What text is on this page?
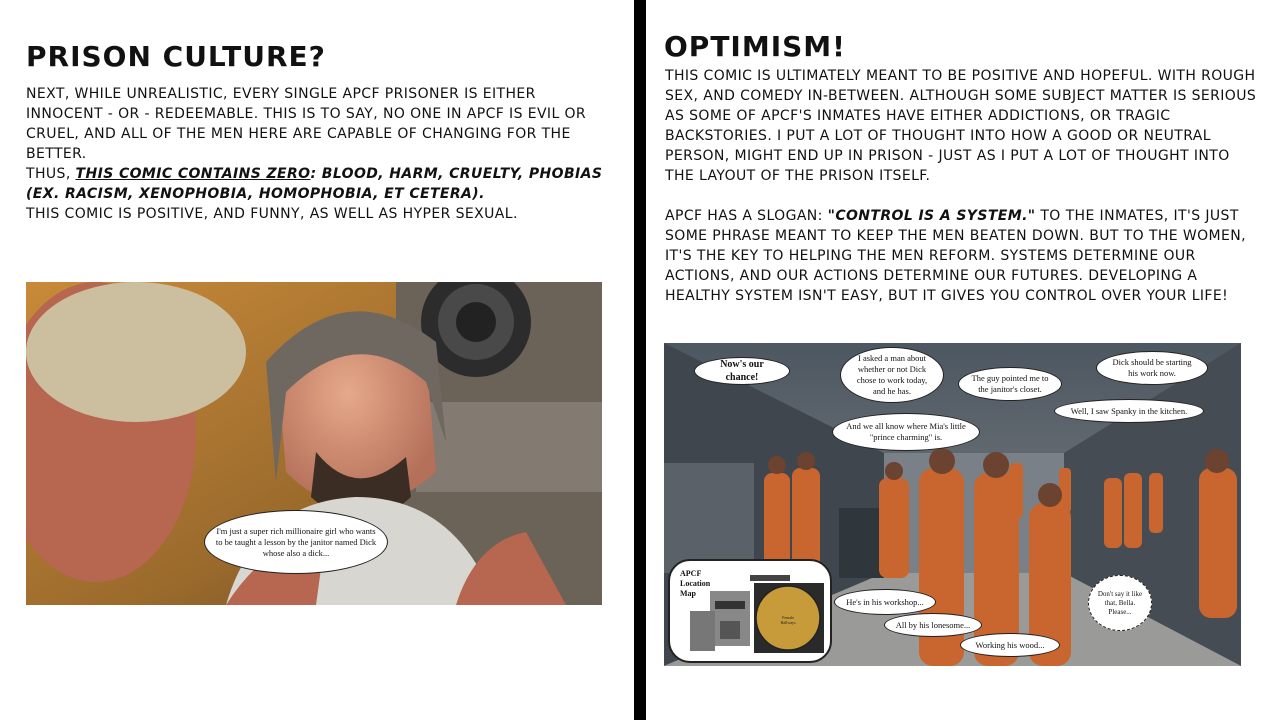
PRISON CULTURE?

NEXT, WHILE UNREALISTIC, EVERY SINGLE APCF PRISONER IS EITHER INNOCENT - OR - REDEEMABLE. THIS IS TO SAY, NO ONE IN APCF IS EVIL OR CRUEL, AND ALL OF THE MEN HERE ARE CAPABLE OF CHANGING FOR THE BETTER.

THUS, THIS COMIC CONTAINS ZERO: BLOOD, HARM, CRUELTY, PHOBIAS (EX. RACISM, XENOPHOBIA, HOMOPHOBIA, ET CETERA).
THIS COMIC IS POSITIVE, AND FUNNY, AS WELL AS HYPER SEXUAL.

I'm just a super rich millionaire girl who wants to be taught a lesson by the janitor named Dick whose also a dick...
OPTIMISM!

THIS COMIC IS ULTIMATELY MEANT TO BE POSITIVE AND HOPEFUL. WITH ROUGH SEX, AND COMEDY IN-BETWEEN. ALTHOUGH SOME SUBJECT MATTER IS SERIOUS AS SOME OF APCF'S INMATES HAVE EITHER ADDICTIONS, OR TRAGIC BACKSTORIES. I PUT A LOT OF THOUGHT INTO HOW A GOOD OR NEUTRAL PERSON, MIGHT END UP IN PRISON - JUST AS I PUT A LOT OF THOUGHT INTO THE LAYOUT OF THE PRISON ITSELF.

APCF HAS A SLOGAN: "CONTROL IS A SYSTEM." TO THE INMATES, IT'S JUST SOME PHRASE MEANT TO KEEP THE MEN BEATEN DOWN. BUT TO THE WOMEN, IT'S THE KEY TO HELPING THE MEN REFORM. SYSTEMS DETERMINE OUR ACTIONS, AND OUR ACTIONS DETERMINE OUR FUTURES. DEVELOPING A HEALTHY SYSTEM ISN'T EASY, BUT IT GIVES YOU CONTROL OVER YOUR LIFE!

Now's our chance!
I asked a man about whether or not Dick chose to work today, and he has.
The guy pointed me to the janitor's closet.
Dick should be starting his work now.
Well, I saw Spanky in the kitchen.
And we all know where Mia's little "prince charming" is.
He's in his workshop...
All by his lonesome...
Working his wood...
Don't say it like that, Bella. Please...
APCF Location Map
Female Hallways
